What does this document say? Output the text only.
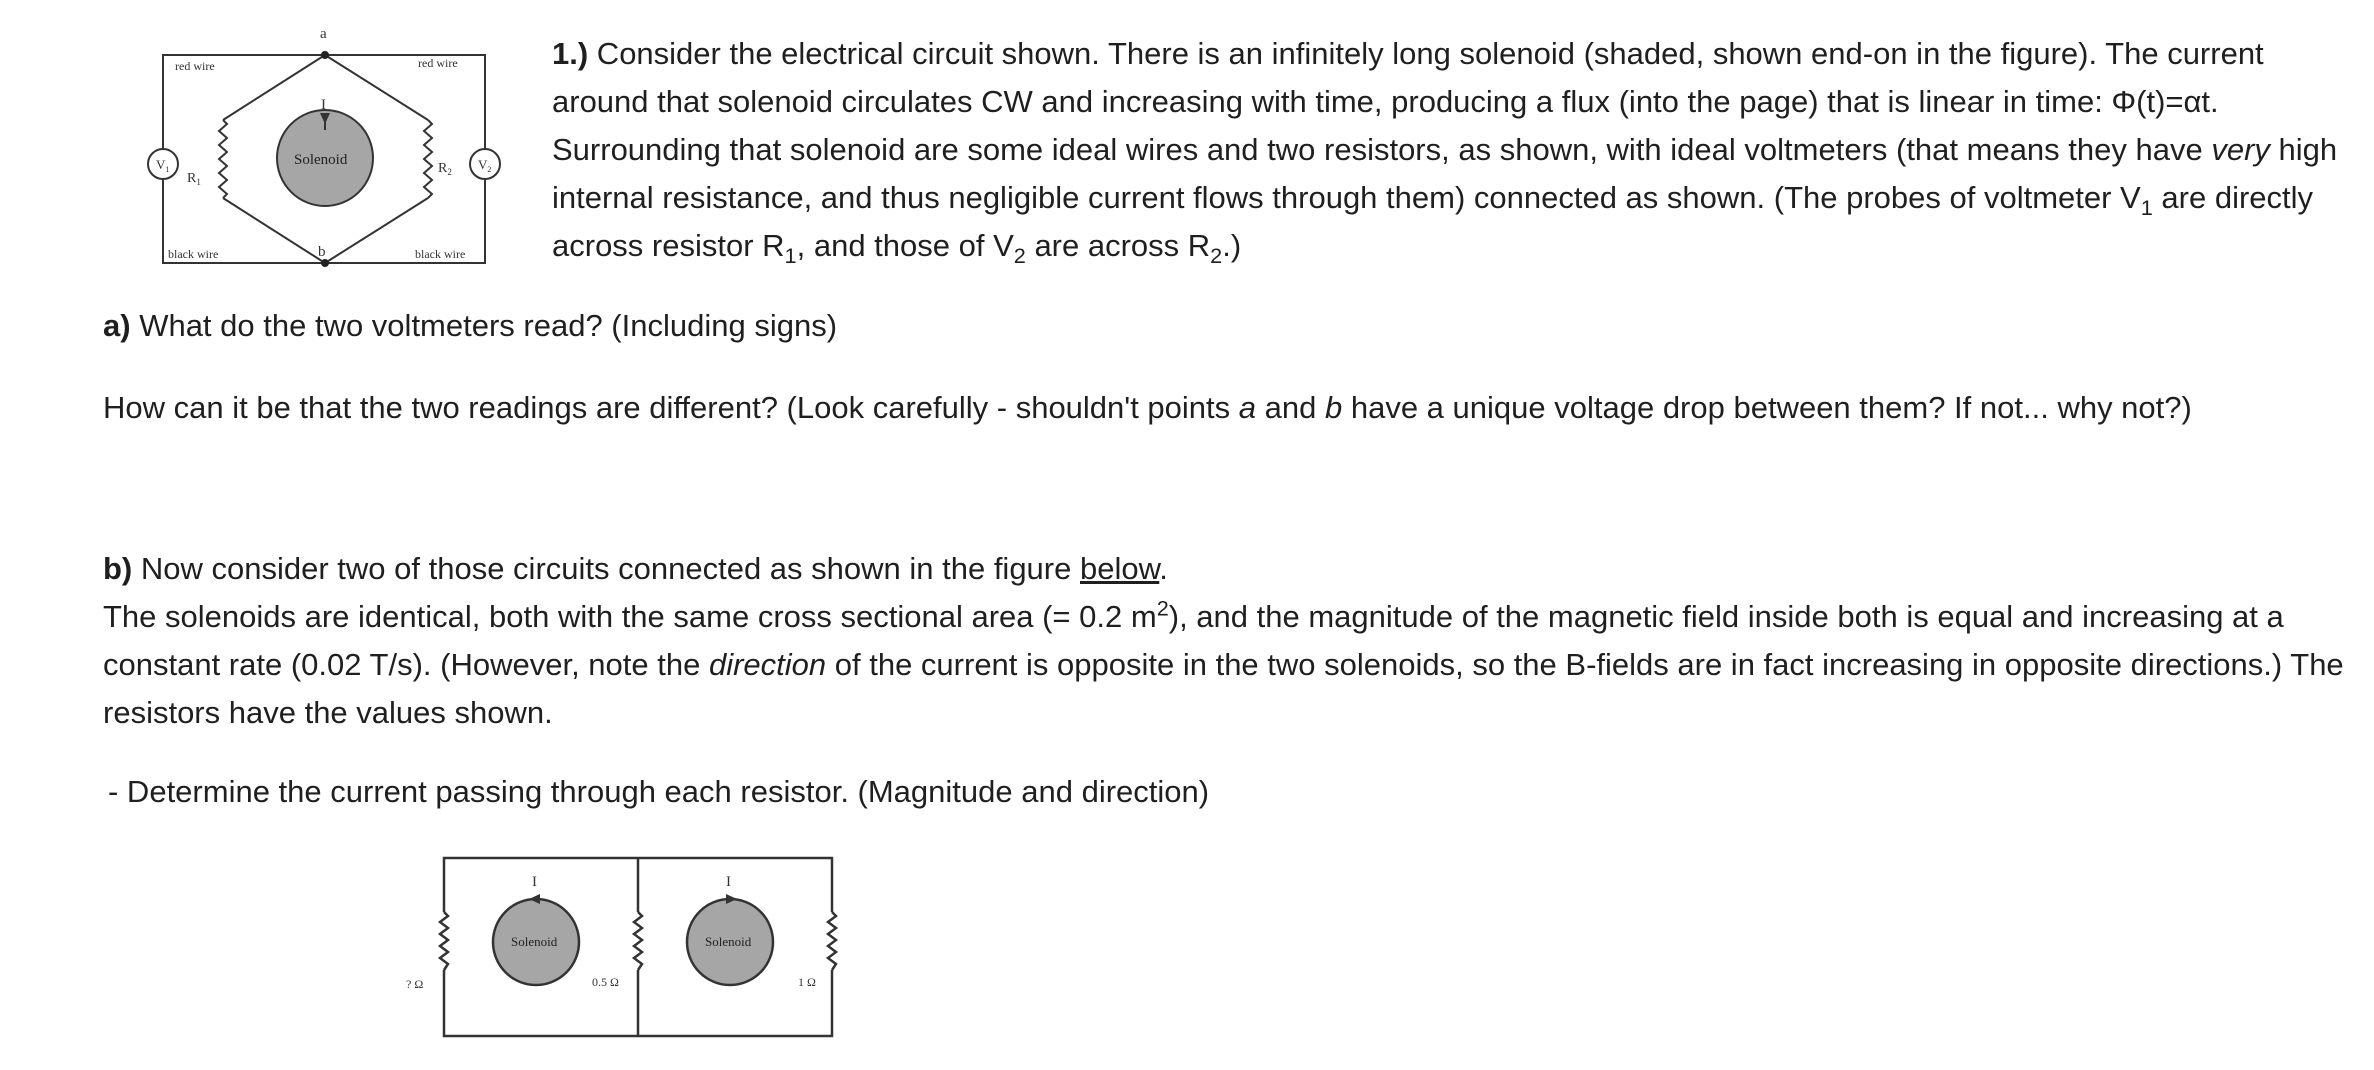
a
b
I
red wire	red wire
black wire	black wire
Solenoid
$R_1$
$R_2$
$V_1$	$V_2$

1.) Consider the electrical circuit shown. There is an infinitely long solenoid (shaded, shown end-on in the figure). The current around that solenoid circulates CW and increasing with time, producing a flux (into the page) that is linear in time: Φ(t)=αt. Surrounding that solenoid are some ideal wires and two resistors, as shown, with ideal voltmeters (that means they have very high internal resistance, and thus negligible current flows through them) connected as shown. (The probes of voltmeter $V_1$ are directly across resistor $R_1$, and those of $V_2$ are across $R_2$.)

a) What do the two voltmeters read? (Including signs)

How can it be that the two readings are different? (Look carefully - shouldn't points a and b have a unique voltage drop between them? If not... why not?)

b) Now consider two of those circuits connected as shown in the figure below.
The solenoids are identical, both with the same cross sectional area (= 0.2 $m^2$), and the magnitude of the magnetic field inside both is equal and increasing at a constant rate (0.02 T/s). (However, note the direction of the current is opposite in the two solenoids, so the B-fields are in fact increasing in opposite directions.) The resistors have the values shown.

- Determine the current passing through each resistor. (Magnitude and direction)

I	I
Solenoid	Solenoid
? Ω	0.5 Ω	1 Ω
